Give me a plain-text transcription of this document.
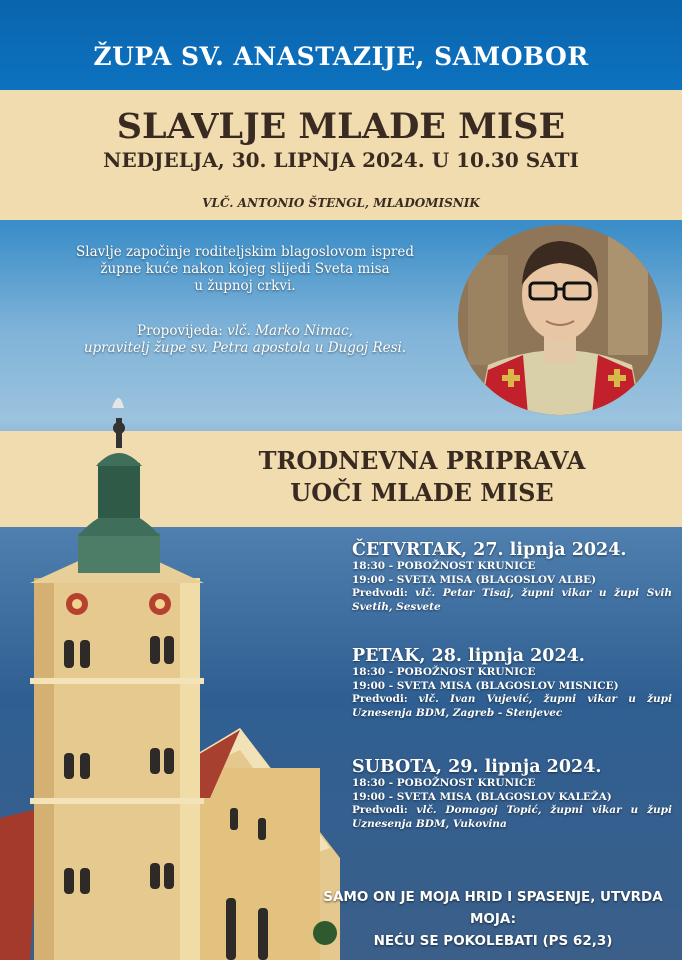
ŽUPA SV. ANASTAZIJE, SAMOBOR
SLAVLJE MLADE MISE
NEDJELJA, 30. LIPNJA 2024. U 10.30 SATI
VLČ. ANTONIO ŠTENGL, MLADOMISNIK
Slavlje započinje roditeljskim blagoslovom ispred
župne kuće nakon kojeg slijedi Sveta misa
u župnoj crkvi.
Propovijeda: vlč. Marko Nimac,
upravitelj župe sv. Petra apostola u Dugoj Resi.
TRODNEVNA PRIPRAVA
UOČI MLADE MISE
ČETVRTAK, 27. lipnja 2024.
18:30 - POBOŽNOST KRUNICE
19:00 - SVETA MISA (BLAGOSLOV ALBE)
Predvodi: vlč. Petar Tisaj, župni vikar u župi Svih Svetih, Sesvete
PETAK, 28. lipnja 2024.
18:30 - POBOŽNOST KRUNICE
19:00 - SVETA MISA (BLAGOSLOV MISNICE)
Predvodi: vlč. Ivan Vujević, župni vikar u župi Uznesenja BDM, Zagreb - Stenjevec
SUBOTA, 29. lipnja 2024.
18:30 - POBOŽNOST KRUNICE
19:00 - SVETA MISA (BLAGOSLOV KALEŽA)
Predvodi: vlč. Domagoj Topić, župni vikar u župi Uznesenja BDM, Vukovina
SAMO ON JE MOJA HRID I SPASENJE, UTVRDA MOJA:
NEĆU SE POKOLEBATI (PS 62,3)
